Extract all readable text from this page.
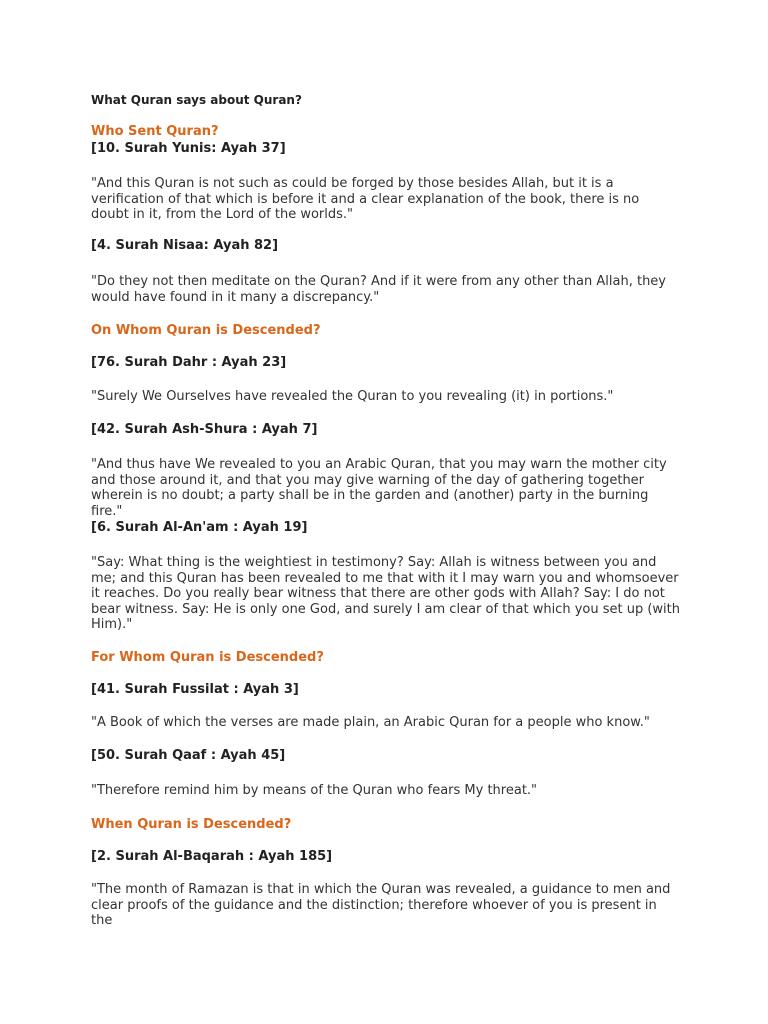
What Quran says about Quran?
Who Sent Quran?
[10. Surah Yunis: Ayah 37]

"And this Quran is not such as could be forged by those besides Allah, but it is a verification of that which is before it and a clear explanation of the book, there is no doubt in it, from the Lord of the worlds."

[4. Surah Nisaa: Ayah 82]

"Do they not then meditate on the Quran? And if it were from any other than Allah, they would have found in it many a discrepancy."

On Whom Quran is Descended?
[76. Surah Dahr : Ayah 23]

"Surely We Ourselves have revealed the Quran to you revealing (it) in portions."

[42. Surah Ash-Shura : Ayah 7]

"And thus have We revealed to you an Arabic Quran, that you may warn the mother city and those around it, and that you may give warning of the day of gathering together wherein is no doubt; a party shall be in the garden and (another) party in the burning fire."

[6. Surah Al-An'am : Ayah 19]

"Say: What thing is the weightiest in testimony? Say: Allah is witness between you and me; and this Quran has been revealed to me that with it I may warn you and whomsoever it reaches. Do you really bear witness that there are other gods with Allah? Say: I do not bear witness. Say: He is only one God, and surely I am clear of that which you set up (with Him)."

For Whom Quran is Descended?
[41. Surah Fussilat : Ayah 3]

"A Book of which the verses are made plain, an Arabic Quran for a people who know."

[50. Surah Qaaf : Ayah 45]

"Therefore remind him by means of the Quran who fears My threat."

When Quran is Descended?
[2. Surah Al-Baqarah : Ayah 185]

"The month of Ramazan is that in which the Quran was revealed, a guidance to men and clear proofs of the guidance and the distinction; therefore whoever of you is present in the
